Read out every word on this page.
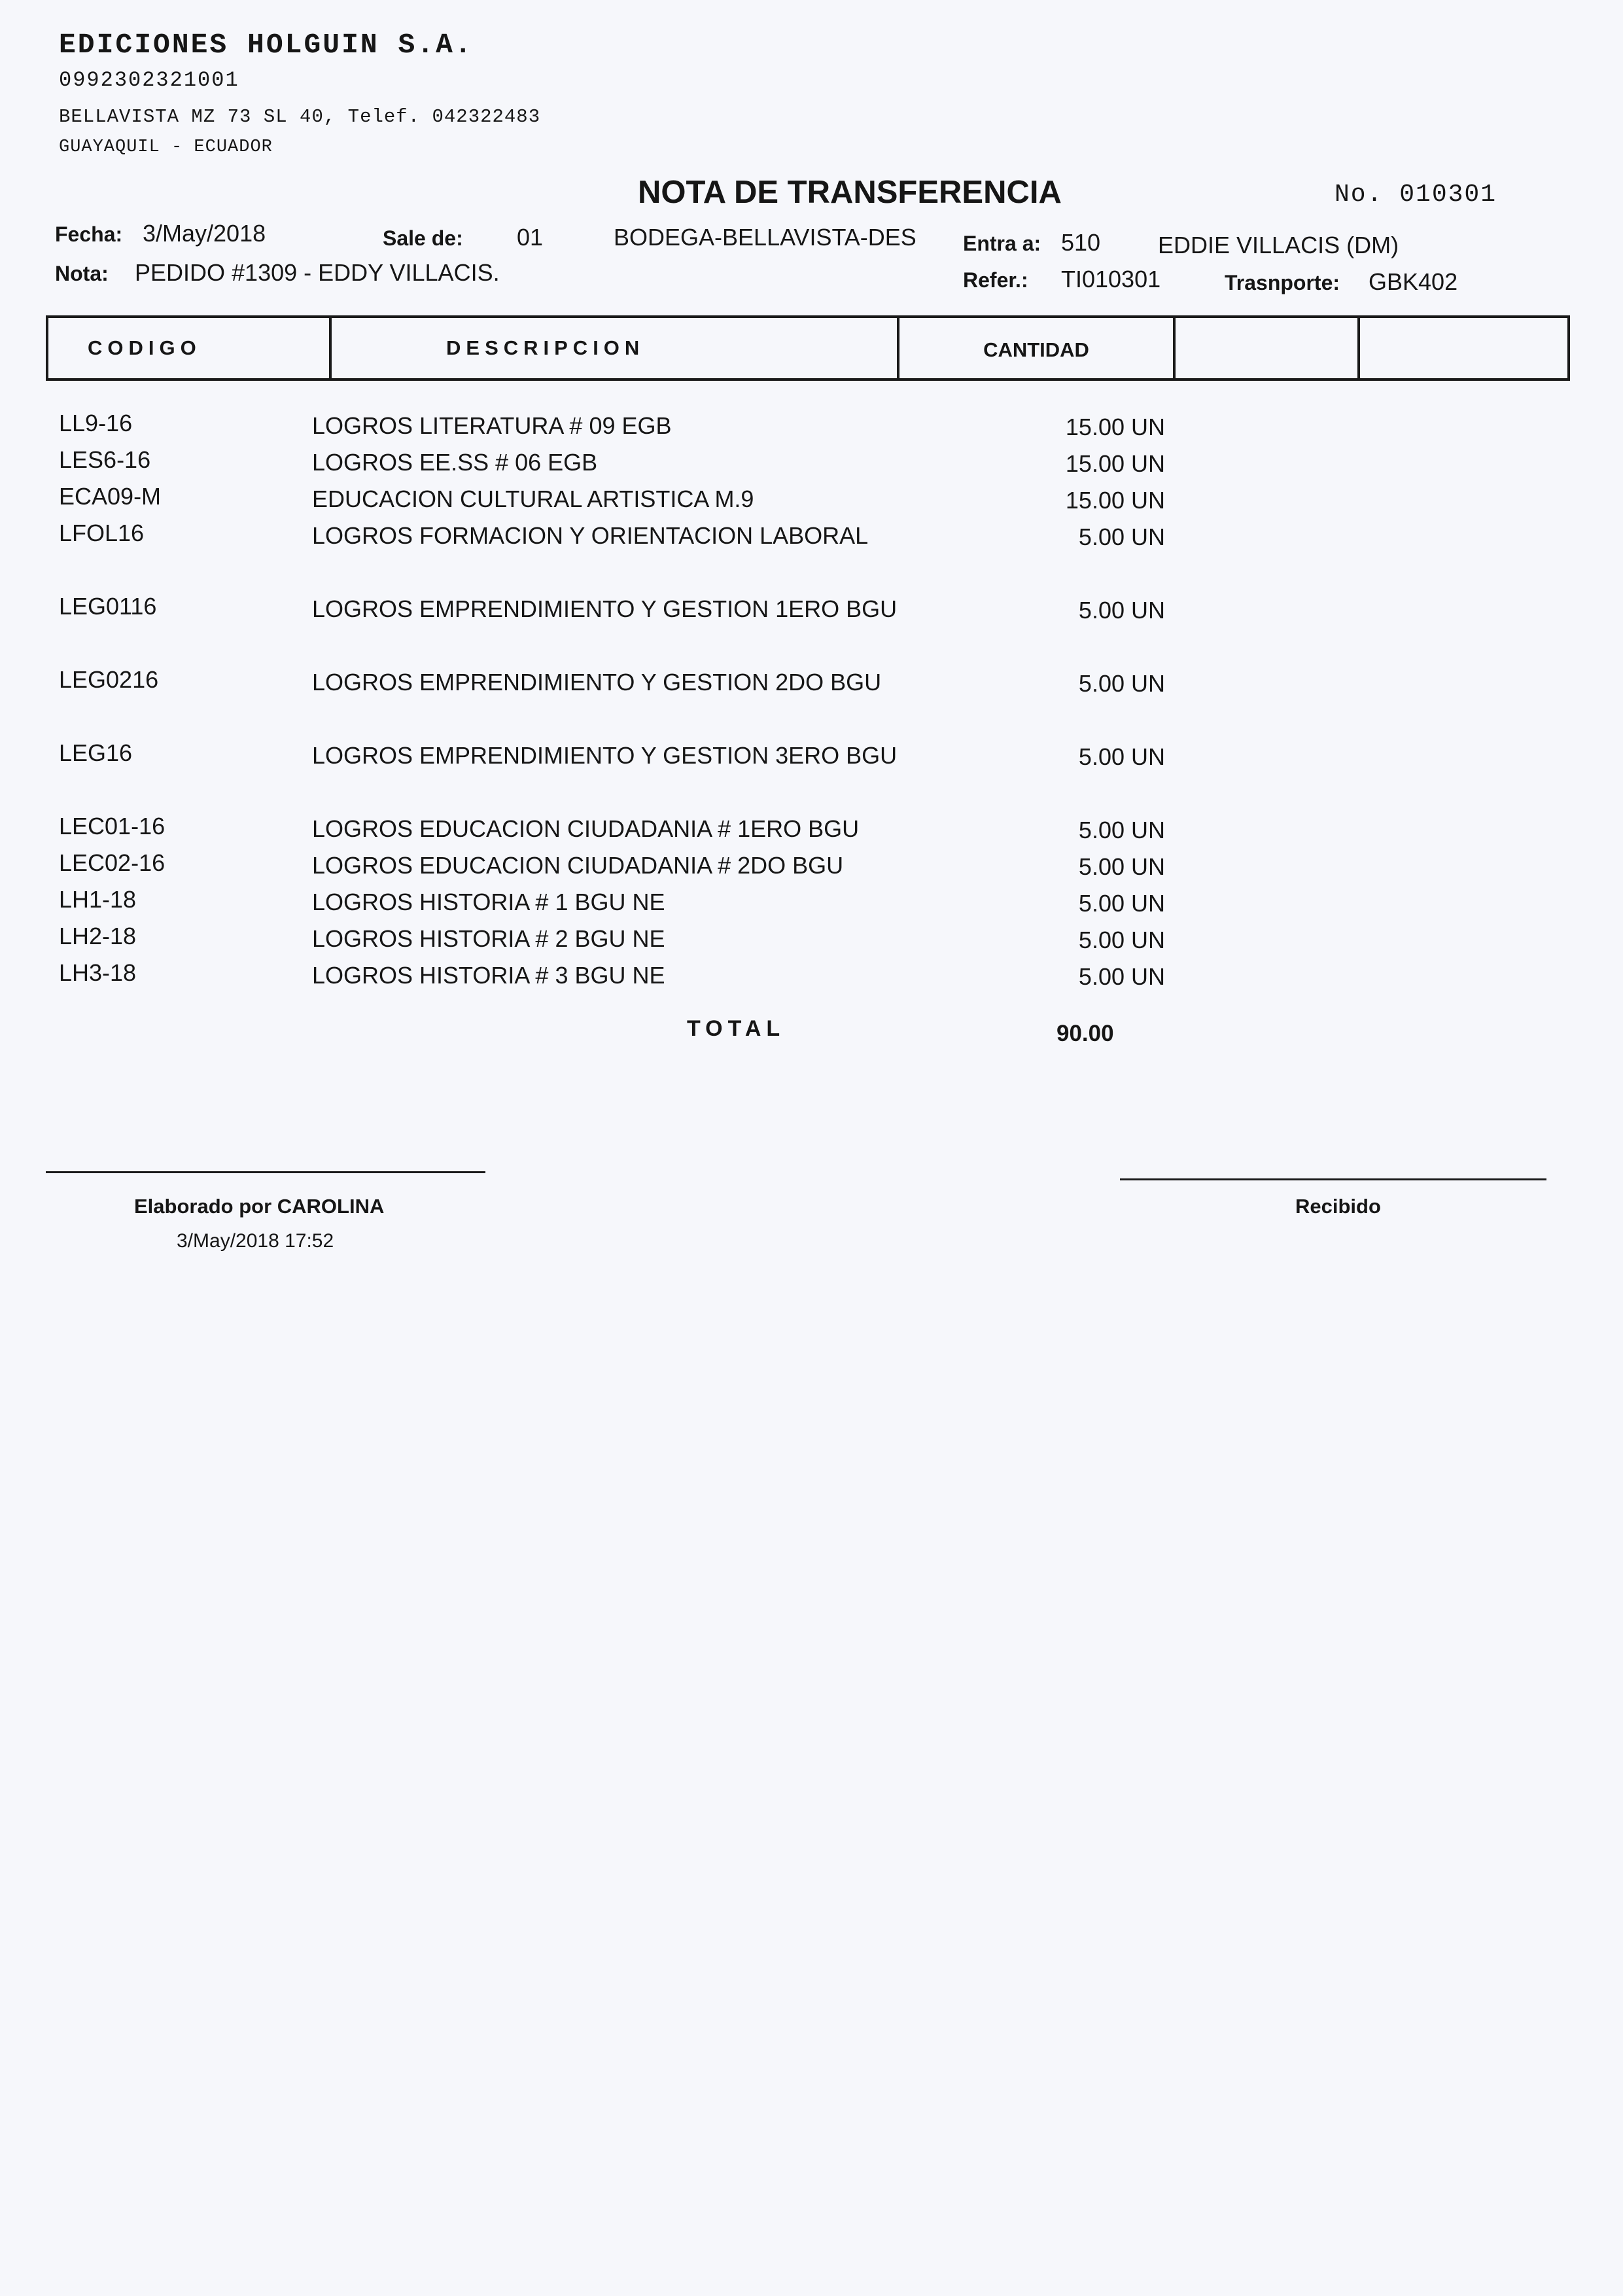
EDICIONES HOLGUIN S.A.
0992302321001
BELLAVISTA MZ 73 SL 40, Telef. 042322483
GUAYAQUIL - ECUADOR
NOTA DE TRANSFERENCIA	No. 010301
Fecha: 3/May/2018	Sale de: 01	BODEGA-BELLAVISTA-DES Entra a: 510 EDDIE VILLACIS (DM)
Nota: PEDIDO #1309 - EDDY VILLACIS.	Refer.: TI010301	Trasnporte: GBK402
CODIGO	DESCRIPCION	CANTIDAD
LL9-16	LOGROS LITERATURA # 09 EGB	15.00 UN
LES6-16	LOGROS EE.SS # 06 EGB	15.00 UN
ECA09-M	EDUCACION CULTURAL ARTISTICA M.9	15.00 UN
LFOL16	LOGROS FORMACION Y ORIENTACION LABORAL	5.00 UN
LEG0116	LOGROS EMPRENDIMIENTO Y GESTION 1ERO BGU	5.00 UN
LEG0216	LOGROS EMPRENDIMIENTO Y GESTION 2DO BGU	5.00 UN
LEG16	LOGROS EMPRENDIMIENTO Y GESTION 3ERO BGU	5.00 UN
LEC01-16	LOGROS EDUCACION CIUDADANIA # 1ERO BGU	5.00 UN
LEC02-16	LOGROS EDUCACION CIUDADANIA # 2DO BGU	5.00 UN
LH1-18	LOGROS HISTORIA # 1 BGU NE	5.00 UN
LH2-18	LOGROS HISTORIA # 2 BGU NE	5.00 UN
LH3-18	LOGROS HISTORIA # 3 BGU NE	5.00 UN
TOTAL	90.00
Elaborado por CAROLINA
3/May/2018 17:52
Recibido
